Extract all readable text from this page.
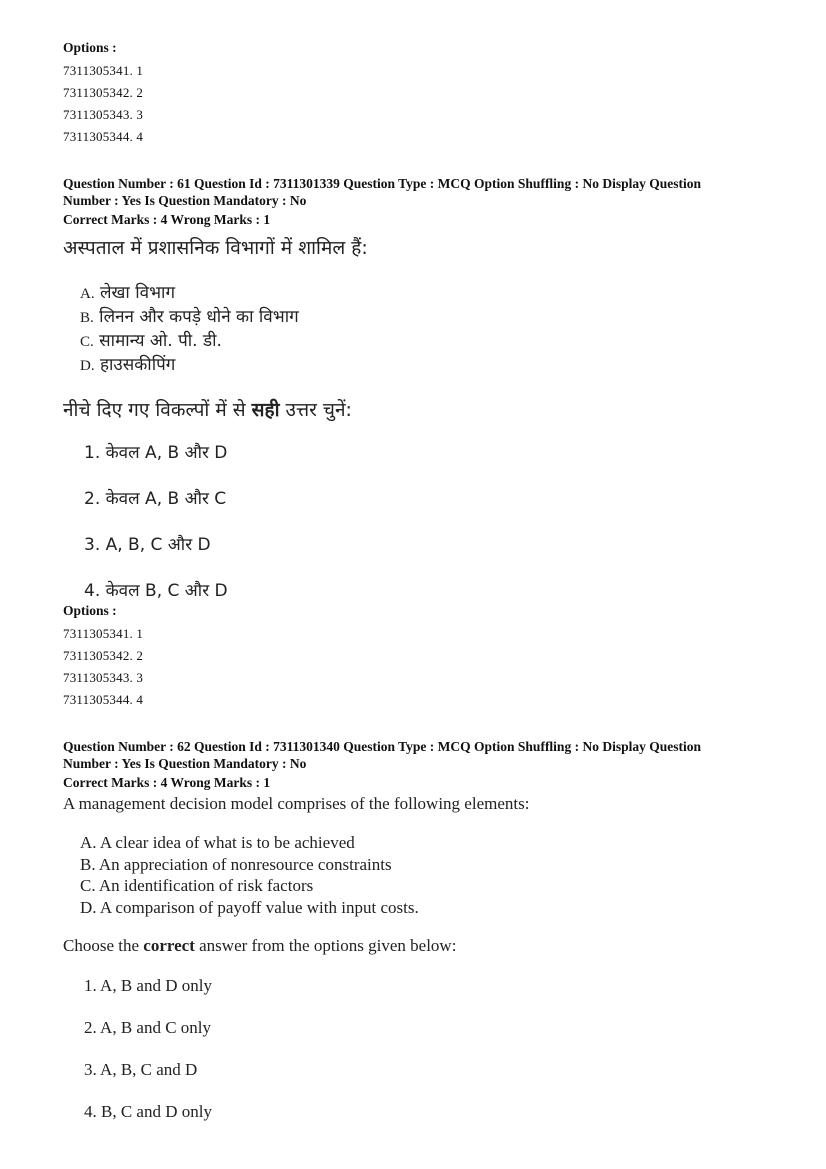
Options :
7311305341. 1
7311305342. 2
7311305343. 3
7311305344. 4
Question Number : 61 Question Id : 7311301339 Question Type : MCQ Option Shuffling : No Display Question
Number : Yes Is Question Mandatory : No
Correct Marks : 4 Wrong Marks : 1
अस्पताल में प्रशासनिक विभागों में शामिल हैं:
A. लेखा विभाग
B. लिनन और कपड़े धोने का विभाग
C. सामान्य ओ. पी. डी.
D. हाउसकीपिंग
नीचे दिए गए विकल्पों में से सही उत्तर चुनें:
1. केवल A, B और D
2. केवल A, B और C
3. A, B, C और D
4. केवल B, C और D
Options :
7311305341. 1
7311305342. 2
7311305343. 3
7311305344. 4
Question Number : 62 Question Id : 7311301340 Question Type : MCQ Option Shuffling : No Display Question
Number : Yes Is Question Mandatory : No
Correct Marks : 4 Wrong Marks : 1
A management decision model comprises of the following elements:
A. A clear idea of what is to be achieved
B. An appreciation of nonresource constraints
C. An identification of risk factors
D. A comparison of payoff value with input costs.
Choose the correct answer from the options given below:
1. A, B and D only
2. A, B and C only
3. A, B, C and D
4. B, C and D only
